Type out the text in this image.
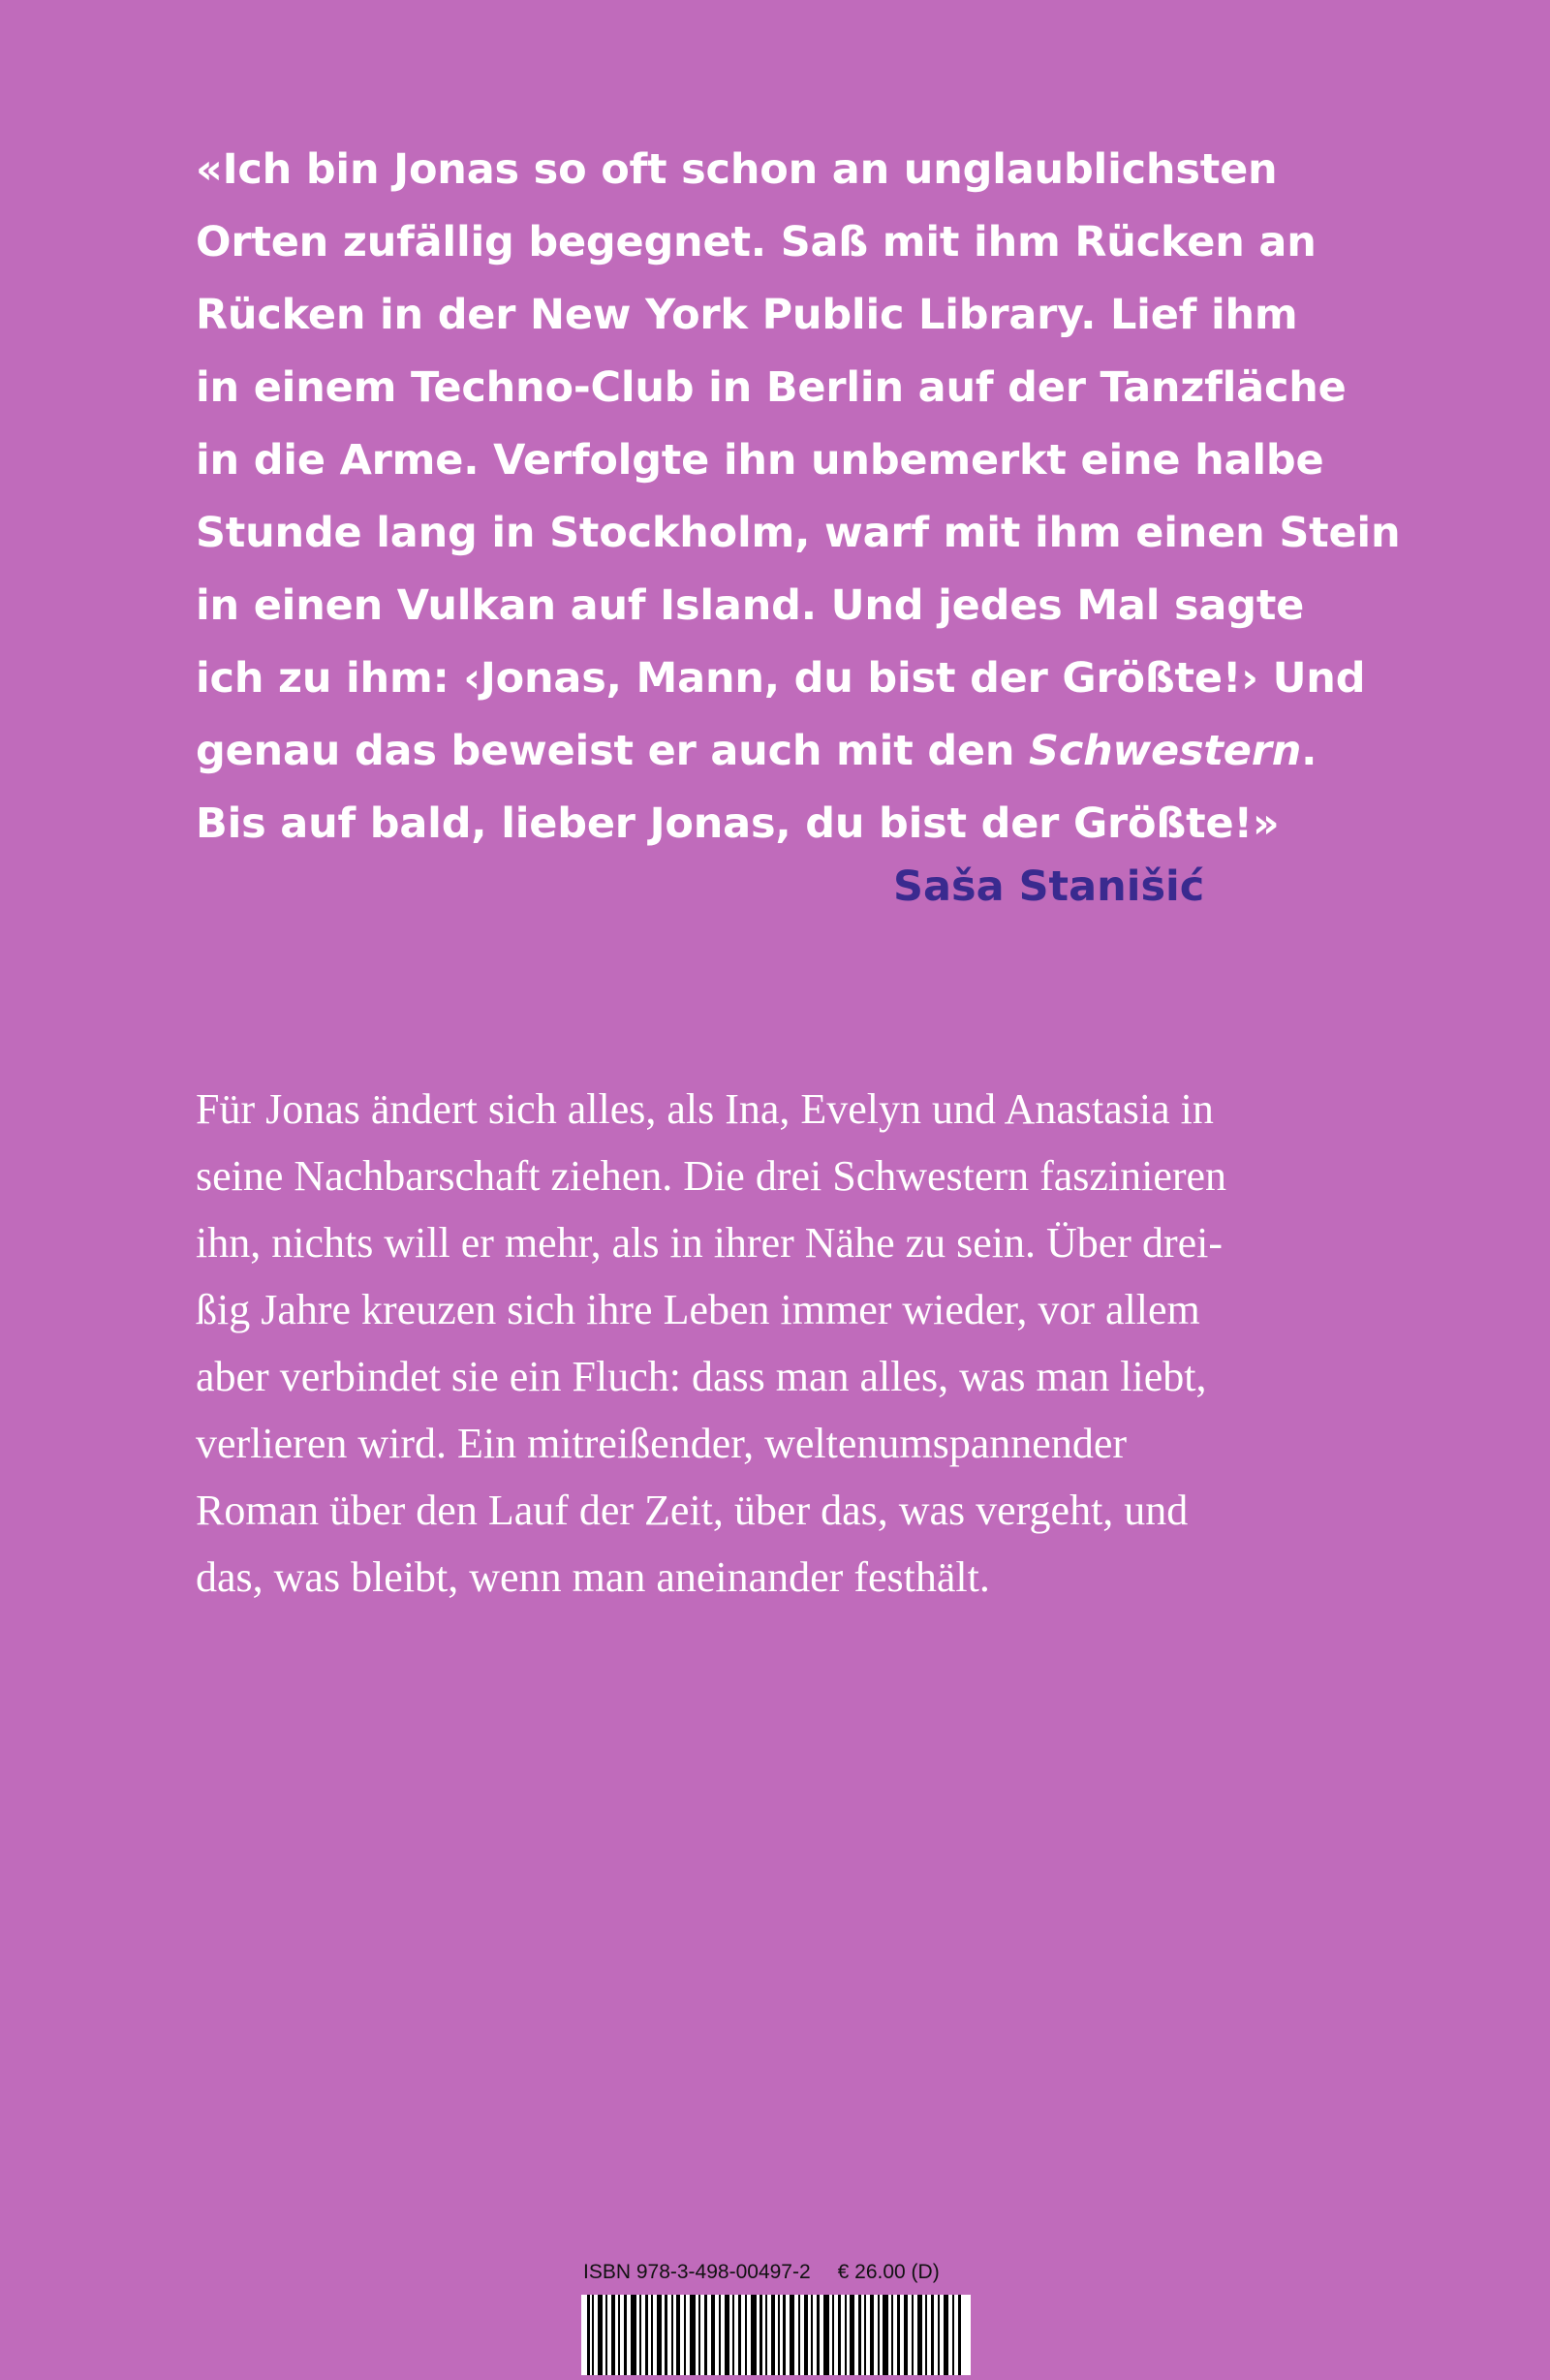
«Ich bin Jonas so oft schon an unglaublichsten
Orten zufällig begegnet. Saß mit ihm Rücken an
Rücken in der New York Public Library. Lief ihm
in einem Techno-Club in Berlin auf der Tanzfläche
in die Arme. Verfolgte ihn unbemerkt eine halbe
Stunde lang in Stockholm, warf mit ihm einen Stein
in einen Vulkan auf Island. Und jedes Mal sagte
ich zu ihm: ‹Jonas, Mann, du bist der Größte!› Und
genau das beweist er auch mit den Schwestern.
Bis auf bald, lieber Jonas, du bist der Größte!»

Saša Stanišić

Für Jonas ändert sich alles, als Ina, Evelyn und Anastasia in
seine Nachbarschaft ziehen. Die drei Schwestern faszinieren
ihn, nichts will er mehr, als in ihrer Nähe zu sein. Über drei-
ßig Jahre kreuzen sich ihre Leben immer wieder, vor allem
aber verbindet sie ein Fluch: dass man alles, was man liebt,
verlieren wird. Ein mitreißender, weltenumspannender
Roman über den Lauf der Zeit, über das, was vergeht, und
das, was bleibt, wenn man aneinander festhält.

ISBN 978-3-498-00497-2 € 26.00 (D)
